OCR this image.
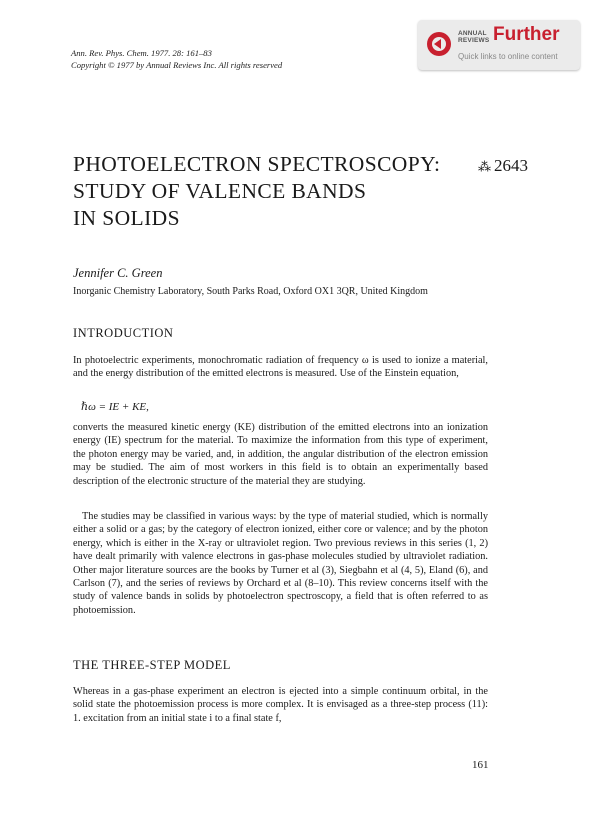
Ann. Rev. Phys. Chem. 1977. 28: 161–83
Copyright © 1977 by Annual Reviews Inc. All rights reserved
ANNUAL REVIEWS Further
Quick links to online content
PHOTOELECTRON SPECTROSCOPY:
STUDY OF VALENCE BANDS
IN SOLIDS
⁂ 2643
Jennifer C. Green
Inorganic Chemistry Laboratory, South Parks Road, Oxford OX1 3QR, United Kingdom
INTRODUCTION

In photoelectric experiments, monochromatic radiation of frequency ω is used to ionize a material, and the energy distribution of the emitted electrons is measured. Use of the Einstein equation,

ℏω = IE + KE,

converts the measured kinetic energy (KE) distribution of the emitted electrons into an ionization energy (IE) spectrum for the material. To maximize the information from this type of experiment, the photon energy may be varied, and, in addition, the angular distribution of the electron emission may be studied. The aim of most workers in this field is to obtain an experimentally based description of the electronic structure of the material they are studying.

The studies may be classified in various ways: by the type of material studied, which is normally either a solid or a gas; by the category of electron ionized, either core or valence; and by the photon energy, which is either in the X-ray or ultraviolet region. Two previous reviews in this series (1, 2) have dealt primarily with valence electrons in gas-phase molecules studied by ultraviolet radiation. Other major literature sources are the books by Turner et al (3), Siegbahn et al (4, 5), Eland (6), and Carlson (7), and the series of reviews by Orchard et al (8–10). This review concerns itself with the study of valence bands in solids by photoelectron spectroscopy, a field that is often referred to as photoemission.

THE THREE-STEP MODEL

Whereas in a gas-phase experiment an electron is ejected into a simple continuum orbital, in the solid state the photoemission process is more complex. It is envisaged as a three-step process (11): 1. excitation from an initial state i to a final state f,

161
